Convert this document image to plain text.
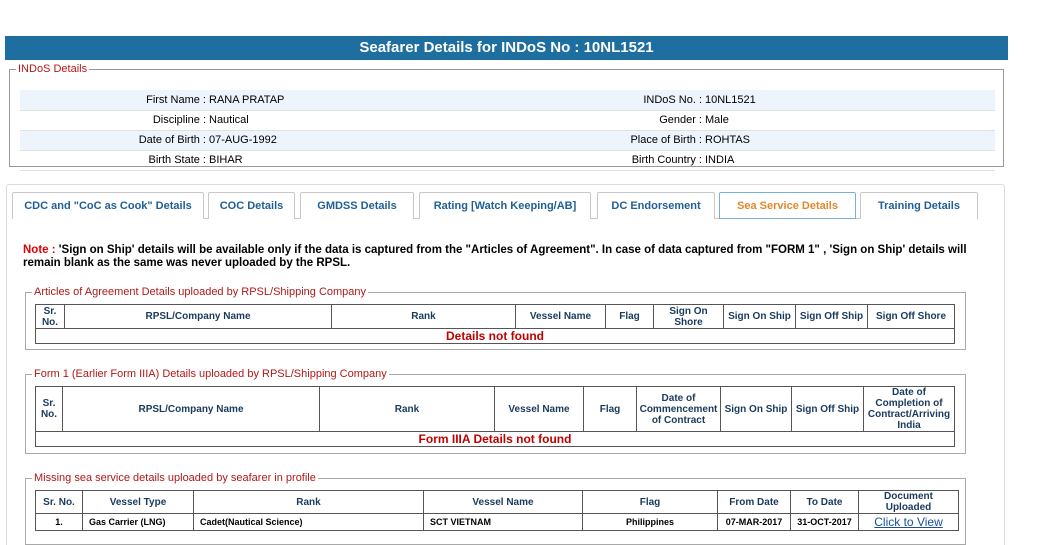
Seafarer Details for INDoS No : 10NL1521
INDoS Details
First Name :	RANA PRATAP	INDoS No. :	10NL1521
Discipline :	Nautical	Gender :	Male
Date of Birth :	07-AUG-1992	Place of Birth :	ROHTAS
Birth State :	BIHAR	Birth Country :	INDIA
CDC and "CoC as Cook" Details	COC Details	GMDSS Details	Rating [Watch Keeping/AB]	DC Endorsement	Sea Service Details	Training Details
Note : 'Sign on Ship' details will be available only if the data is captured from the "Articles of Agreement". In case of data captured from "FORM 1" , 'Sign on Ship' details will remain blank as the same was never uploaded by the RPSL.
Articles of Agreement Details uploaded by RPSL/Shipping Company
Sr. No.	RPSL/Company Name	Rank	Vessel Name	Flag	Sign On Shore	Sign On Ship	Sign Off Ship	Sign Off Shore
Details not found
Form 1 (Earlier Form IIIA) Details uploaded by RPSL/Shipping Company
Sr. No.	RPSL/Company Name	Rank	Vessel Name	Flag	Date of Commencement of Contract	Sign On Ship	Sign Off Ship	Date of Completion of Contract/Arriving India
Form IIIA Details not found
Missing sea service details uploaded by seafarer in profile
Sr. No.	Vessel Type	Rank	Vessel Name	Flag	From Date	To Date	Document Uploaded
1.	Gas Carrier (LNG)	Cadet(Nautical Science)	SCT VIETNAM	Philippines	07-MAR-2017	31-OCT-2017	Click to View
